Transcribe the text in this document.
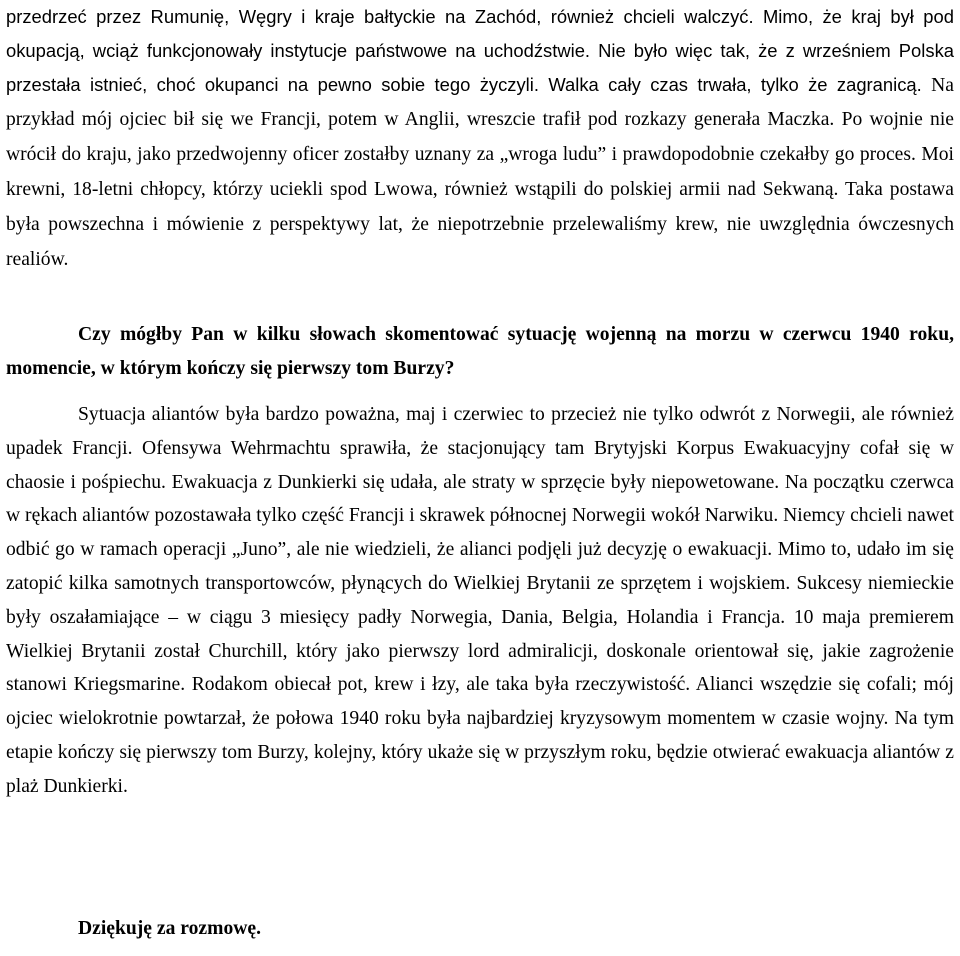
przedrzeć przez Rumunię, Węgry i kraje bałtyckie na Zachód, również chcieli walczyć. Mimo, że kraj był pod okupacją, wciąż funkcjonowały instytucje państwowe na uchodźstwie. Nie było więc tak, że z wrześniem Polska przestała istnieć, choć okupanci na pewno sobie tego życzyli. Walka cały czas trwała, tylko że zagranicą. Na przykład mój ojciec bił się we Francji, potem w Anglii, wreszcie trafił pod rozkazy generała Maczka. Po wojnie nie wrócił do kraju, jako przedwojenny oficer zostałby uznany za „wroga ludu” i prawdopodobnie czekałby go proces. Moi krewni, 18-letni chłopcy, którzy uciekli spod Lwowa, również wstąpili do polskiej armii nad Sekwaną. Taka postawa była powszechna i mówienie z perspektywy lat, że niepotrzebnie przelewaliśmy krew, nie uwzględnia ówczesnych realiów.

Czy mógłby Pan w kilku słowach skomentować sytuację wojenną na morzu w czerwcu 1940 roku, momencie, w którym kończy się pierwszy tom Burzy?

Sytuacja aliantów była bardzo poważna, maj i czerwiec to przecież nie tylko odwrót z Norwegii, ale również upadek Francji. Ofensywa Wehrmachtu sprawiła, że stacjonujący tam Brytyjski Korpus Ewakuacyjny cofał się w chaosie i pośpiechu. Ewakuacja z Dunkierki się udała, ale straty w sprzęcie były niepowetowane. Na początku czerwca w rękach aliantów pozostawała tylko część Francji i skrawek północnej Norwegii wokół Narwiku. Niemcy chcieli nawet odbić go w ramach operacji „Juno”, ale nie wiedzieli, że alianci podjęli już decyzję o ewakuacji. Mimo to, udało im się zatopić kilka samotnych transportowców, płynących do Wielkiej Brytanii ze sprzętem i wojskiem. Sukcesy niemieckie były oszałamiające – w ciągu 3 miesięcy padły Norwegia, Dania, Belgia, Holandia i Francja. 10 maja premierem Wielkiej Brytanii został Churchill, który jako pierwszy lord admiralicji, doskonale orientował się, jakie zagrożenie stanowi Kriegsmarine. Rodakom obiecał pot, krew i łzy, ale taka była rzeczywistość. Alianci wszędzie się cofali; mój ojciec wielokrotnie powtarzał, że połowa 1940 roku była najbardziej kryzysowym momentem w czasie wojny. Na tym etapie kończy się pierwszy tom Burzy, kolejny, który ukaże się w przyszłym roku, będzie otwierać ewakuacja aliantów z plaż Dunkierki.

Dziękuję za rozmowę.
